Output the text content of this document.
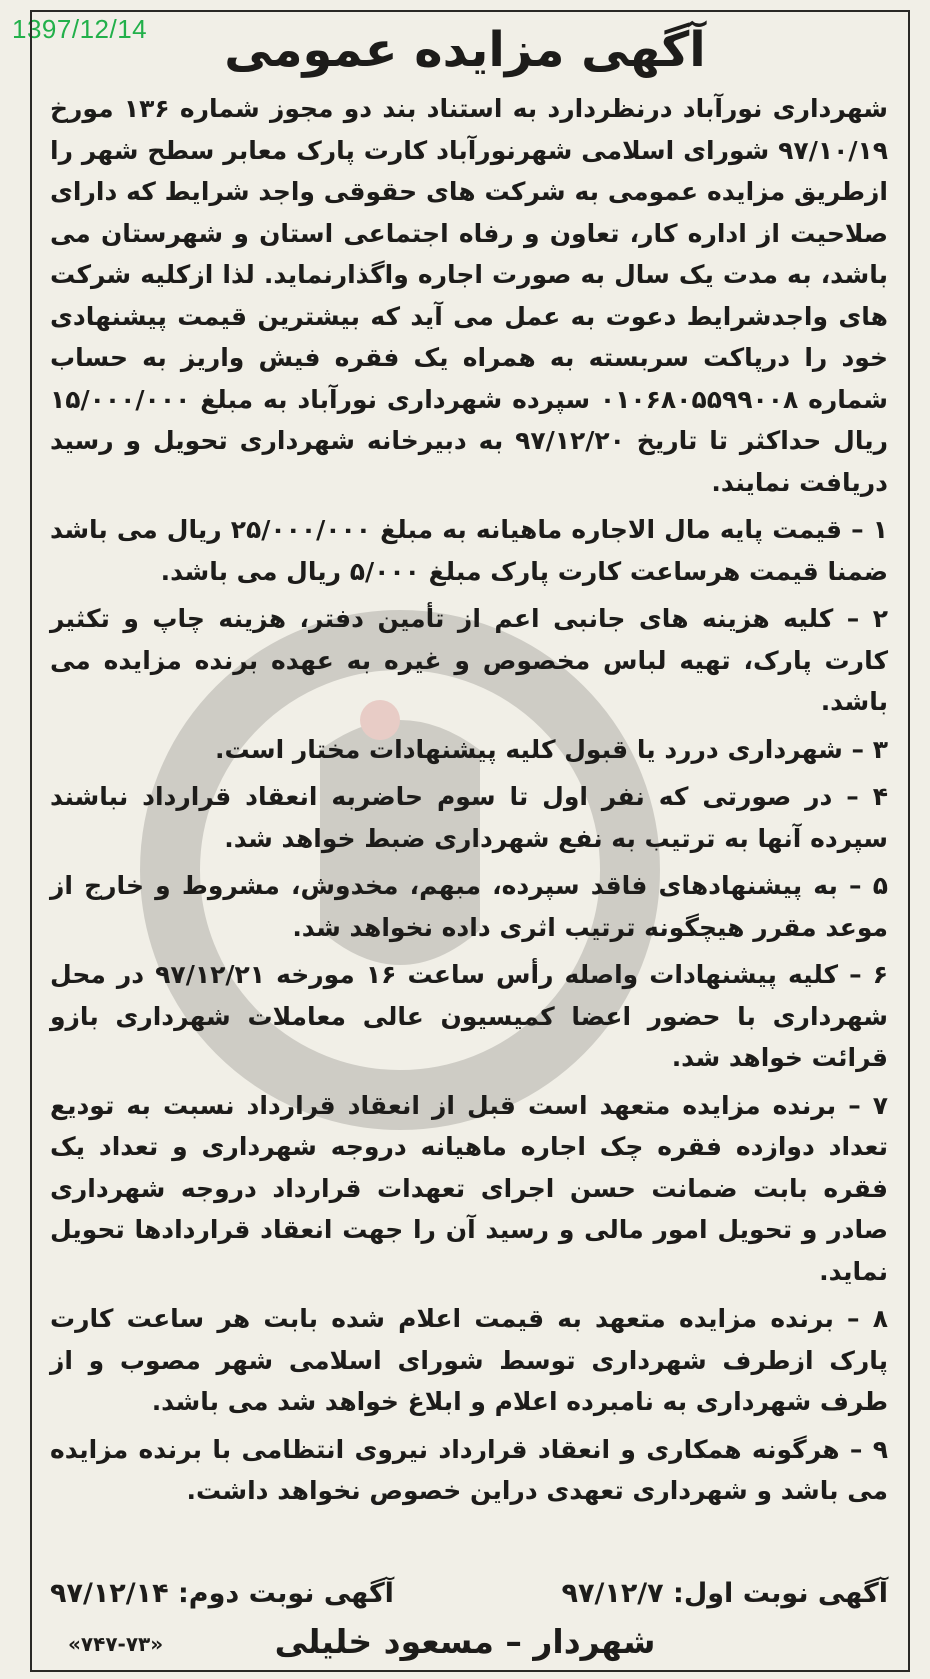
1397/12/14	آگهی مزایده عمومی

شهرداری نورآباد درنظردارد به استناد بند دو مجوز شماره ۱۳۶ مورخ ۹۷/۱۰/۱۹ شورای اسلامی شهرنورآباد کارت پارک معابر سطح شهر را ازطریق مزایده عمومی به شرکت های حقوقی واجد شرایط که دارای صلاحیت از اداره کار، تعاون و رفاه اجتماعی استان و شهرستان می باشد، به مدت یک سال به صورت اجاره واگذارنماید. لذا ازکلیه شرکت های واجدشرایط دعوت به عمل می آید که بیشترین قیمت پیشنهادی خود را درپاکت سربسته به همراه یک فقره فیش واریز به حساب شماره ۰۱۰۶۸۰۵۵۹۹۰۰۸ سپرده شهرداری نورآباد به مبلغ ۱۵/۰۰۰/۰۰۰ ریال حداکثر تا تاریخ ۹۷/۱۲/۲۰ به دبیرخانه شهرداری تحویل و رسید دریافت نمایند.

۱ – قیمت پایه مال الاجاره ماهیانه به مبلغ ۲۵/۰۰۰/۰۰۰ ریال می باشد ضمنا قیمت هرساعت کارت پارک مبلغ ۵/۰۰۰ ریال می باشد.

۲ – کلیه هزینه های جانبی اعم از تأمین دفتر، هزینه چاپ و تکثیر کارت پارک، تهیه لباس مخصوص و غیره به عهده برنده مزایده می باشد.

۳ – شهرداری دررد یا قبول کلیه پیشنهادات مختار است.

۴ – در صورتی که نفر اول تا سوم حاضربه انعقاد قرارداد نباشند سپرده آنها به ترتیب به نفع شهرداری ضبط خواهد شد.

۵ – به پیشنهادهای فاقد سپرده، مبهم، مخدوش، مشروط و خارج از موعد مقرر هیچگونه ترتیب اثری داده نخواهد شد.

۶ – کلیه پیشنهادات واصله رأس ساعت ۱۶ مورخه ۹۷/۱۲/۲۱ در محل شهرداری با حضور اعضا کمیسیون عالی معاملات شهرداری بازو قرائت خواهد شد.

۷ – برنده مزایده متعهد است قبل از انعقاد قرارداد نسبت به تودیع تعداد دوازده فقره چک اجاره ماهیانه دروجه شهرداری و تعداد یک فقره بابت ضمانت حسن اجرای تعهدات قرارداد دروجه شهرداری صادر و تحویل امور مالی و رسید آن را جهت انعقاد قراردادها تحویل نماید.

۸ – برنده مزایده متعهد به قیمت اعلام شده بابت هر ساعت کارت پارک ازطرف شهرداری توسط شورای اسلامی شهر مصوب و از طرف شهرداری به نامبرده اعلام و ابلاغ خواهد شد می باشد.

۹ – هرگونه همکاری و انعقاد قرارداد نیروی انتظامی با برنده مزایده می باشد و شهرداری تعهدی دراین خصوص نخواهد داشت.

آگهی نوبت اول: ۹۷/۱۲/۷
آگهی نوبت دوم: ۹۷/۱۲/۱۴
شهردار – مسعود خلیلی
«۷۴۷-۷۳»
